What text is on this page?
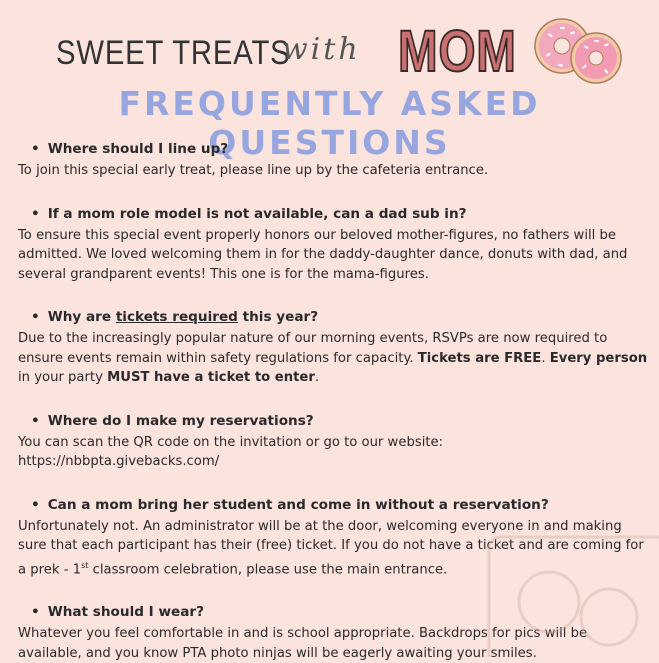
SWEET TREATS
with MOM
FREQUENTLY ASKED QUESTIONS

• Where should I line up?

To join this special early treat, please line up by the cafeteria entrance.

• If a mom role model is not available, can a dad sub in?

To ensure this special event properly honors our beloved mother-figures, no fathers will be admitted. We loved welcoming them in for the daddy-daughter dance, donuts with dad, and several grandparent events! This one is for the mama-figures.

• Why are tickets required this year?

Due to the increasingly popular nature of our morning events, RSVPs are now required to ensure events remain within safety regulations for capacity. Tickets are FREE. Every person in your party MUST have a ticket to enter.

• Where do I make my reservations?

You can scan the QR code on the invitation or go to our website:
https://nbbpta.givebacks.com/

• Can a mom bring her student and come in without a reservation?

Unfortunately not. An administrator will be at the door, welcoming everyone in and making sure that each participant has their (free) ticket. If you do not have a ticket and are coming for a prek - 1st classroom celebration, please use the main entrance.

• What should I wear?

Whatever you feel comfortable in and is school appropriate. Backdrops for pics will be available, and you know PTA photo ninjas will be eagerly awaiting your smiles.
